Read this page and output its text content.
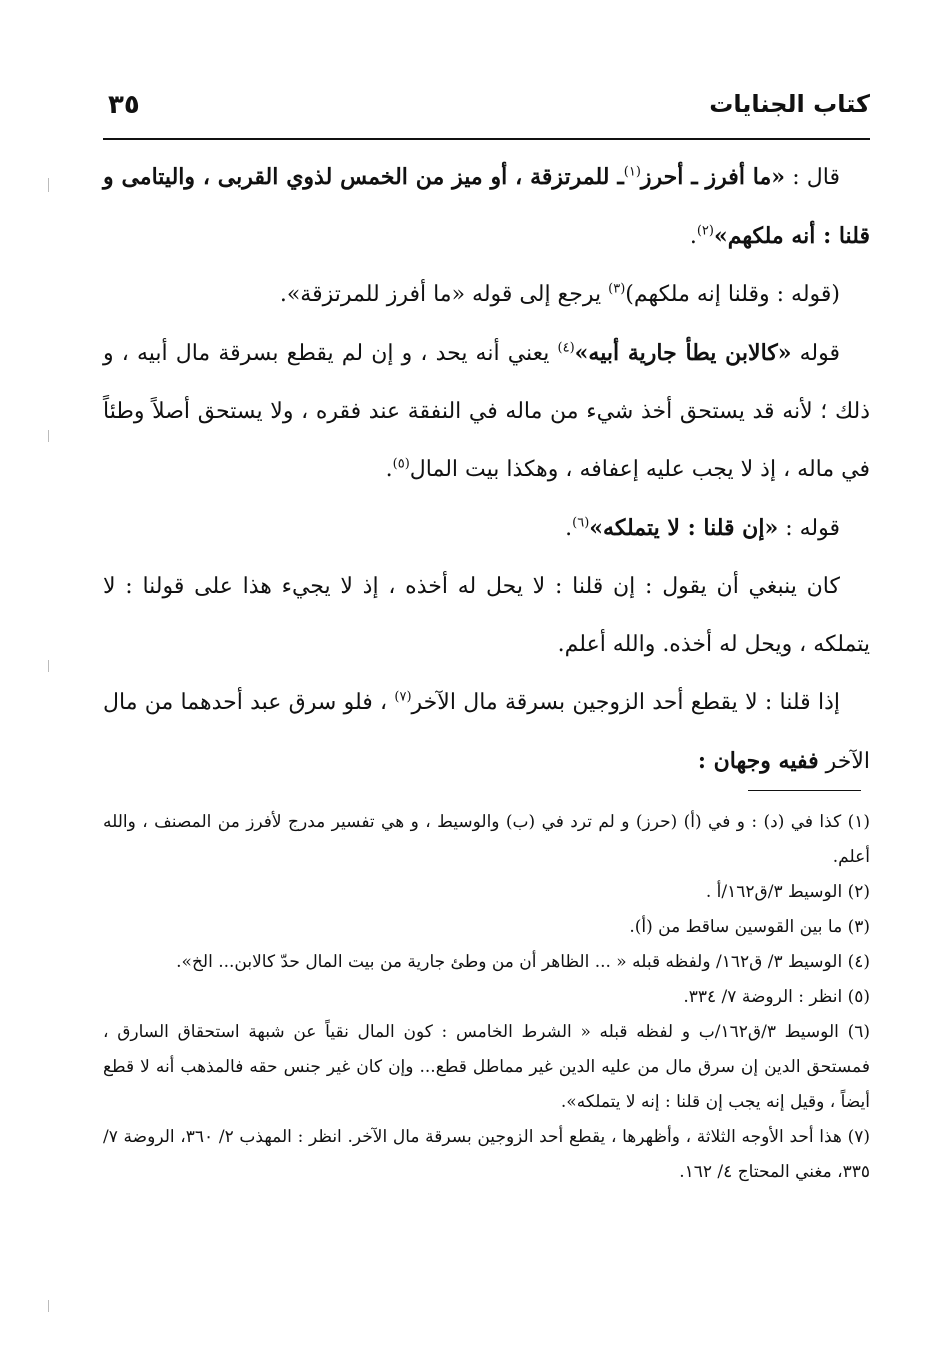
كتاب الجنايات
٣٥

قال : «ما أفرز ـ أحرز$^{(١)}$ـ للمرتزقة ، أو ميز من الخمس لذوي القربى ، واليتامى و قلنا : أنه ملكهم»$^{(٢)}$.

(قوله : وقلنا إنه ملكهم)$^{(٣)}$ يرجع إلى قوله «ما أفرز للمرتزقة».

قوله «كالابن يطأ جارية أبيه»$^{(٤)}$ يعني أنه يحد ، و إن لم يقطع بسرقة مال أبيه ، و ذلك ؛ لأنه قد يستحق أخذ شيء من ماله في النفقة عند فقره ، ولا يستحق أصلاً وطئاً في ماله ، إذ لا يجب عليه إعفافه ، وهكذا بيت المال$^{(٥)}$.

قوله : «إن قلنا : لا يتملكه»$^{(٦)}$.

كان ينبغي أن يقول : إن قلنا : لا يحل له أخذه ، إذ لا يجيء هذا على قولنا : لا يتملكه ، ويحل له أخذه. والله أعلم.

إذا قلنا : لا يقطع أحد الزوجين بسرقة مال الآخر$^{(٧)}$ ، فلو سرق عبد أحدهما من مال الآخر ففيه وجهان :

(١) كذا في (د) : و في (أ) (حرز) و لم ترد في (ب) والوسيط ، و هي تفسير مدرج لأفرز من المصنف ، والله أعلم.

(٢) الوسيط ٣/ق١٦٢/أ .

(٣) ما بين القوسين ساقط من (أ).

(٤) الوسيط ٣/ ق١٦٢/ ولفظه قبله « ... الظاهر أن من وطئ جارية من بيت المال حدّ كالابن... الخ».

(٥) انظر : الروضة ٧/ ٣٣٤.

(٦) الوسيط ٣/ق١٦٢/ب و لفظه قبله « الشرط الخامس : كون المال نقياً عن شبهة استحقاق السارق ، فمستحق الدين إن سرق مال من عليه الدين غير مماطل قطع... وإن كان غير جنس حقه فالمذهب أنه لا قطع أيضاً ، وقيل إنه يجب إن قلنا : إنه لا يتملكه».

(٧) هذا أحد الأوجه الثلاثة ، وأظهرها ، يقطع أحد الزوجين بسرقة مال الآخر. انظر : المهذب ٢/ ٣٦٠، الروضة ٧/ ٣٣٥، مغني المحتاج ٤/ ١٦٢.
